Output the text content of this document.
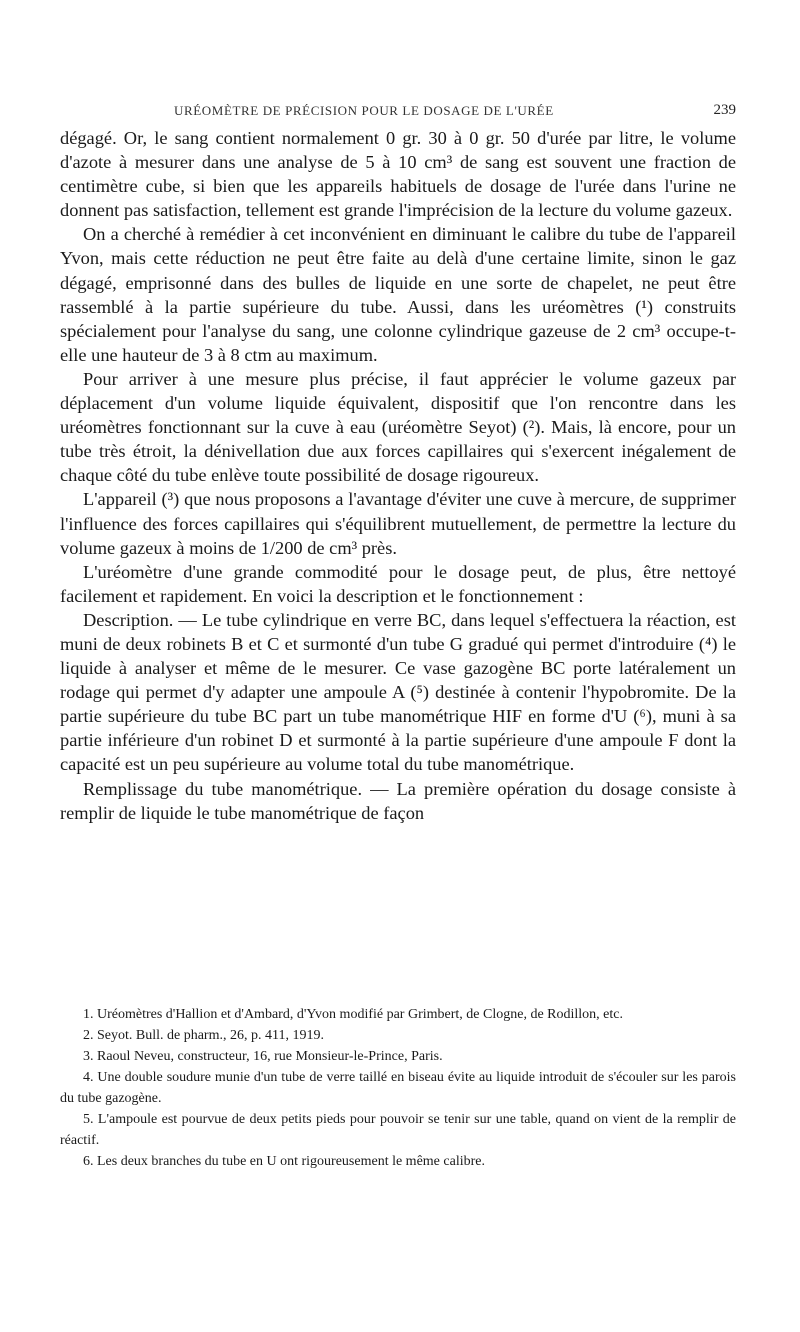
URÉOMÈTRE DE PRÉCISION POUR LE DOSAGE DE L'URÉE	239

dégagé. Or, le sang contient normalement 0 gr. 30 à 0 gr. 50 d'urée par litre, le volume d'azote à mesurer dans une analyse de 5 à 10 cm³ de sang est souvent une fraction de centimètre cube, si bien que les appareils habituels de dosage de l'urée dans l'urine ne donnent pas satisfaction, tellement est grande l'imprécision de la lecture du volume gazeux.

On a cherché à remédier à cet inconvénient en diminuant le calibre du tube de l'appareil Yvon, mais cette réduction ne peut être faite au delà d'une certaine limite, sinon le gaz dégagé, emprisonné dans des bulles de liquide en une sorte de chapelet, ne peut être rassemblé à la partie supérieure du tube. Aussi, dans les uréomètres (¹) construits spécialement pour l'analyse du sang, une colonne cylindrique gazeuse de 2 cm³ occupe-t-elle une hauteur de 3 à 8 ctm au maximum.

Pour arriver à une mesure plus précise, il faut apprécier le volume gazeux par déplacement d'un volume liquide équivalent, dispositif que l'on rencontre dans les uréomètres fonctionnant sur la cuve à eau (uréomètre Seyot) (²). Mais, là encore, pour un tube très étroit, la dénivellation due aux forces capillaires qui s'exercent inégalement de chaque côté du tube enlève toute possibilité de dosage rigoureux.

L'appareil (³) que nous proposons a l'avantage d'éviter une cuve à mercure, de supprimer l'influence des forces capillaires qui s'équilibrent mutuellement, de permettre la lecture du volume gazeux à moins de 1/200 de cm³ près.

L'uréomètre d'une grande commodité pour le dosage peut, de plus, être nettoyé facilement et rapidement. En voici la description et le fonctionnement :

Description. — Le tube cylindrique en verre BC, dans lequel s'effectuera la réaction, est muni de deux robinets B et C et surmonté d'un tube G gradué qui permet d'introduire (⁴) le liquide à analyser et même de le mesurer. Ce vase gazogène BC porte latéralement un rodage qui permet d'y adapter une ampoule A (⁵) destinée à contenir l'hypobromite. De la partie supérieure du tube BC part un tube manométrique HIF en forme d'U (⁶), muni à sa partie inférieure d'un robinet D et surmonté à la partie supérieure d'une ampoule F dont la capacité est un peu supérieure au volume total du tube manométrique.

Remplissage du tube manométrique. — La première opération du dosage consiste à remplir de liquide le tube manométrique de façon

1. Uréomètres d'Hallion et d'Ambard, d'Yvon modifié par Grimbert, de Clogne, de Rodillon, etc.

2. Seyot. Bull. de pharm., 26, p. 411, 1919.

3. Raoul Neveu, constructeur, 16, rue Monsieur-le-Prince, Paris.

4. Une double soudure munie d'un tube de verre taillé en biseau évite au liquide introduit de s'écouler sur les parois du tube gazogène.

5. L'ampoule est pourvue de deux petits pieds pour pouvoir se tenir sur une table, quand on vient de la remplir de réactif.

6. Les deux branches du tube en U ont rigoureusement le même calibre.
